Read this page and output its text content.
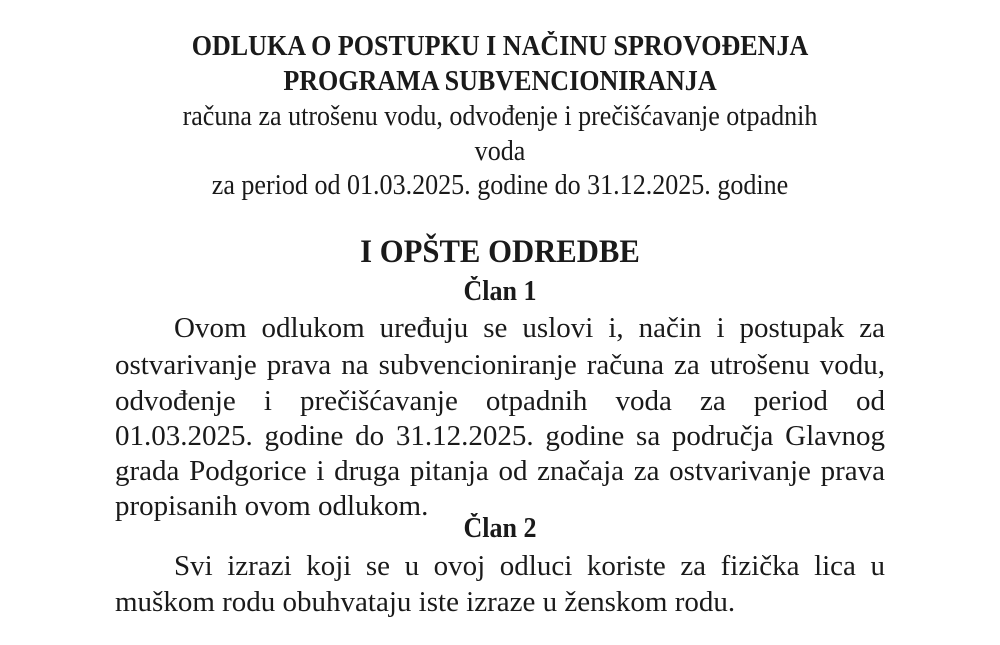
ODLUKA O POSTUPKU I NAČINU SPROVOĐENJA
PROGRAMA SUBVENCIONIRANJA
računa za utrošenu vodu, odvođenje i prečišćavanje otpadnih
voda
za period od 01.03.2025. godine do 31.12.2025. godine
I OPŠTE ODREDBE
Član 1
Ovom odlukom uređuju se uslovi i, način i postupak za
ostvarivanje prava na subvencioniranje računa za utrošenu vodu,
odvođenje i prečišćavanje otpadnih voda za period od
01.03.2025. godine do 31.12.2025. godine sa područja Glavnog
grada Podgorice i druga pitanja od značaja za ostvarivanje prava
propisanih ovom odlukom.
Član 2
Svi izrazi koji se u ovoj odluci koriste za fizička lica u
muškom rodu obuhvataju iste izraze u ženskom rodu.
